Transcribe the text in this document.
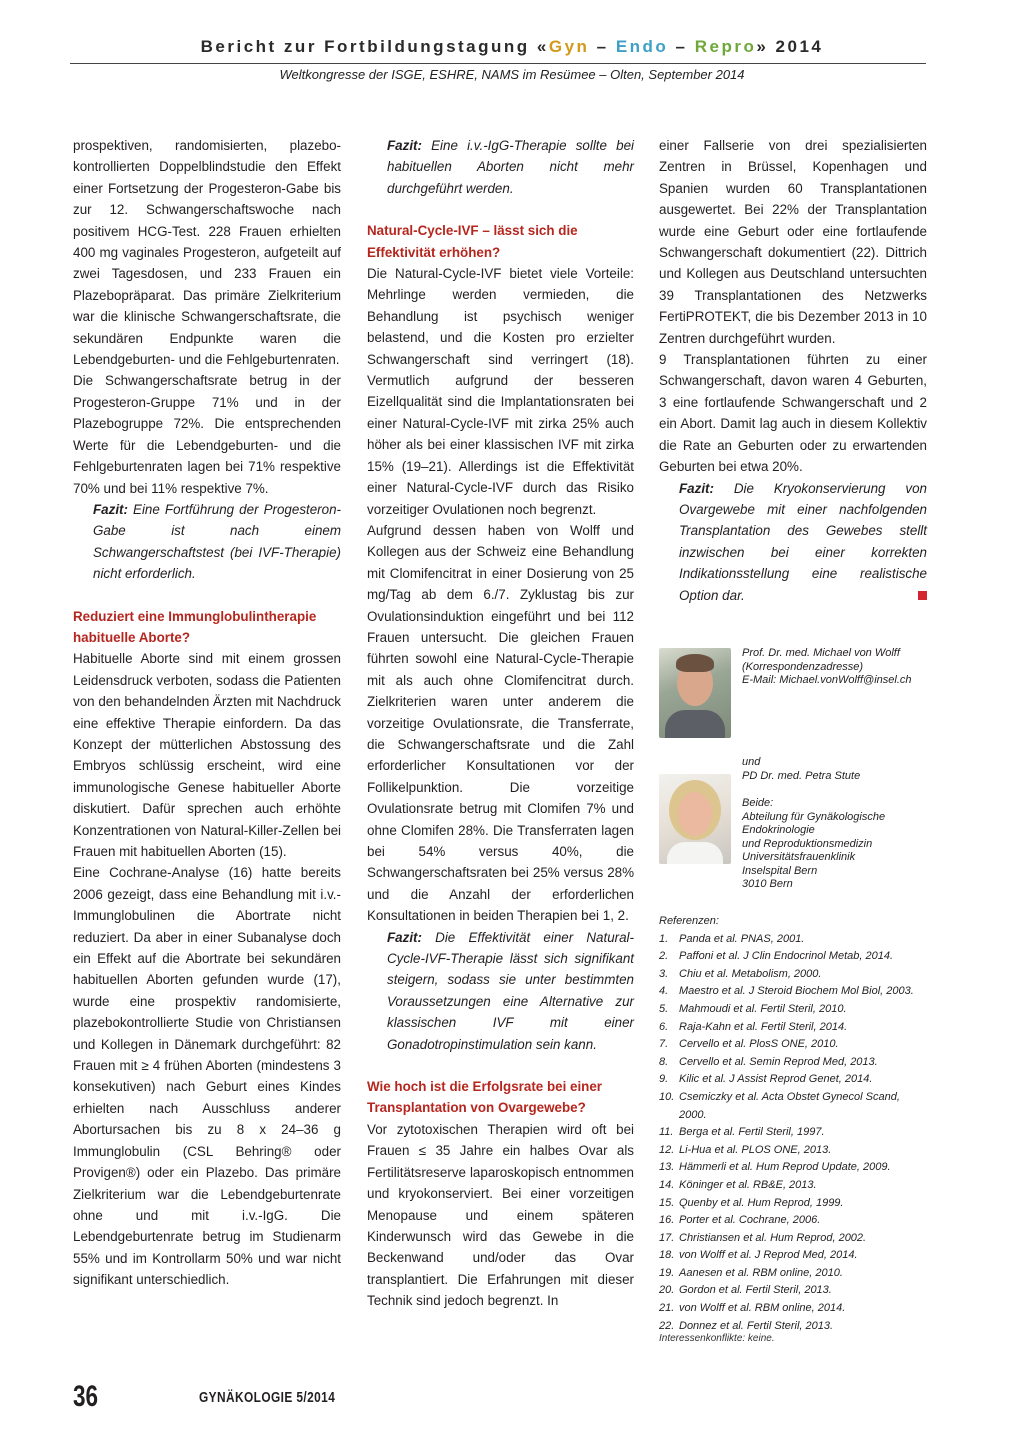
Bericht zur Fortbildungstagung «Gyn – Endo – Repro» 2014
Weltkongresse der ISGE, ESHRE, NAMS im Resümee – Olten, September 2014

prospektiven, randomisierten, plazebo-kontrollierten Doppelblindstudie den Effekt einer Fortsetzung der Progesteron-Gabe bis zur 12. Schwangerschaftswoche nach positivem HCG-Test. 228 Frauen erhielten 400 mg vaginales Progesteron, aufgeteilt auf zwei Tagesdosen, und 233 Frauen ein Plazebopräparat. Das primäre Zielkriterium war die klinische Schwangerschaftsrate, die sekundären Endpunkte waren die Lebendgeburten- und die Fehlgeburtenraten.

Die Schwangerschaftsrate betrug in der Progesteron-Gruppe 71% und in der Plazebogruppe 72%. Die entsprechenden Werte für die Lebendgeburten- und die Fehlgeburtenraten lagen bei 71% respektive 70% und bei 11% respektive 7%.

Fazit: Eine Fortführung der Progesteron-Gabe ist nach einem Schwangerschaftstest (bei IVF-Therapie) nicht erforderlich.

Reduziert eine Immunglobulintherapie habituelle Aborte?

Habituelle Aborte sind mit einem grossen Leidensdruck verboten, sodass die Patienten von den behandelnden Ärzten mit Nachdruck eine effektive Therapie einfordern. Da das Konzept der mütterlichen Abstossung des Embryos schlüssig erscheint, wird eine immunologische Genese habitueller Aborte diskutiert. Dafür sprechen auch erhöhte Konzentrationen von Natural-Killer-Zellen bei Frauen mit habituellen Aborten (15).

Eine Cochrane-Analyse (16) hatte bereits 2006 gezeigt, dass eine Behandlung mit i.v.-Immunglobulinen die Abortrate nicht reduziert. Da aber in einer Subanalyse doch ein Effekt auf die Abortrate bei sekundären habituellen Aborten gefunden wurde (17), wurde eine prospektiv randomisierte, plazebokontrollierte Studie von Christiansen und Kollegen in Dänemark durchgeführt: 82 Frauen mit ≥ 4 frühen Aborten (mindestens 3 konsekutiven) nach Geburt eines Kindes erhielten nach Ausschluss anderer Abortursachen bis zu 8 x 24–36 g Immunglobulin (CSL Behring® oder Provigen®) oder ein Plazebo. Das primäre Zielkriterium war die Lebendgeburtenrate ohne und mit i.v.-IgG. Die Lebendgeburtenrate betrug im Studienarm 55% und im Kontrollarm 50% und war nicht signifikant unterschiedlich.

Fazit: Eine i.v.-IgG-Therapie sollte bei habituellen Aborten nicht mehr durchgeführt werden.

Natural-Cycle-IVF – lässt sich die Effektivität erhöhen?

Die Natural-Cycle-IVF bietet viele Vorteile: Mehrlinge werden vermieden, die Behandlung ist psychisch weniger belastend, und die Kosten pro erzielter Schwangerschaft sind verringert (18). Vermutlich aufgrund der besseren Eizellqualität sind die Implantationsraten bei einer Natural-Cycle-IVF mit zirka 25% auch höher als bei einer klassischen IVF mit zirka 15% (19–21). Allerdings ist die Effektivität einer Natural-Cycle-IVF durch das Risiko vorzeitiger Ovulationen noch begrenzt.

Aufgrund dessen haben von Wolff und Kollegen aus der Schweiz eine Behandlung mit Clomifencitrat in einer Dosierung von 25 mg/Tag ab dem 6./7. Zyklustag bis zur Ovulationsinduktion eingeführt und bei 112 Frauen untersucht. Die gleichen Frauen führten sowohl eine Natural-Cycle-Therapie mit als auch ohne Clomifencitrat durch. Zielkriterien waren unter anderem die vorzeitige Ovulationsrate, die Transferrate, die Schwangerschaftsrate und die Zahl erforderlicher Konsultationen vor der Follikelpunktion. Die vorzeitige Ovulationsrate betrug mit Clomifen 7% und ohne Clomifen 28%. Die Transferraten lagen bei 54% versus 40%, die Schwangerschaftsraten bei 25% versus 28% und die Anzahl der erforderlichen Konsultationen in beiden Therapien bei 1, 2.

Fazit: Die Effektivität einer Natural-Cycle-IVF-Therapie lässt sich signifikant steigern, sodass sie unter bestimmten Voraussetzungen eine Alternative zur klassischen IVF mit einer Gonadotropinstimulation sein kann.

Wie hoch ist die Erfolgsrate bei einer Transplantation von Ovargewebe?

Vor zytotoxischen Therapien wird oft bei Frauen ≤ 35 Jahre ein halbes Ovar als Fertilitätsreserve laparoskopisch entnommen und kryokonserviert. Bei einer vorzeitigen Menopause und einem späteren Kinderwunsch wird das Gewebe in die Beckenwand und/oder das Ovar transplantiert. Die Erfahrungen mit dieser Technik sind jedoch begrenzt. In

einer Fallserie von drei spezialisierten Zentren in Brüssel, Kopenhagen und Spanien wurden 60 Transplantationen ausgewertet. Bei 22% der Transplantation wurde eine Geburt oder eine fortlaufende Schwangerschaft dokumentiert (22). Dittrich und Kollegen aus Deutschland untersuchten 39 Transplantationen des Netzwerks FertiPROTEKT, die bis Dezember 2013 in 10 Zentren durchgeführt wurden.

9 Transplantationen führten zu einer Schwangerschaft, davon waren 4 Geburten, 3 eine fortlaufende Schwangerschaft und 2 ein Abort. Damit lag auch in diesem Kollektiv die Rate an Geburten oder zu erwartenden Geburten bei etwa 20%.

Fazit: Die Kryokonservierung von Ovargewebe mit einer nachfolgenden Transplantation des Gewebes stellt inzwischen bei einer korrekten Indikationsstellung eine realistische Option dar.

Prof. Dr. med. Michael von Wolff
(Korrespondenzadresse)
E-Mail: Michael.vonWolff@insel.ch
und
PD Dr. med. Petra Stute
Beide:
Abteilung für Gynäkologische
Endokrinologie
und Reproduktionsmedizin
Universitätsfrauenklinik
Inselspital Bern
3010 Bern
Referenzen:
1. Panda et al. PNAS, 2001.
2. Paffoni et al. J Clin Endocrinol Metab, 2014.
3. Chiu et al. Metabolism, 2000.
4. Maestro et al. J Steroid Biochem Mol Biol, 2003.
5. Mahmoudi et al. Fertil Steril, 2010.
6. Raja-Kahn et al. Fertil Steril, 2014.
7. Cervello et al. PlosS ONE, 2010.
8. Cervello et al. Semin Reprod Med, 2013.
9. Kilic et al. J Assist Reprod Genet, 2014.
10. Csemiczky et al. Acta Obstet Gynecol Scand, 2000.
11. Berga et al. Fertil Steril, 1997.
12. Li-Hua et al. PLOS ONE, 2013.
13. Hämmerli et al. Hum Reprod Update, 2009.
14. Köninger et al. RB&E, 2013.
15. Quenby et al. Hum Reprod, 1999.
16. Porter et al. Cochrane, 2006.
17. Christiansen et al. Hum Reprod, 2002.
18. von Wolff et al. J Reprod Med, 2014.
19. Aanesen et al. RBM online, 2010.
20. Gordon et al. Fertil Steril, 2013.
21. von Wolff et al. RBM online, 2014.
22. Donnez et al. Fertil Steril, 2013.
Interessenkonflikte: keine.
36	GYNÄKOLOGIE 5/2014
